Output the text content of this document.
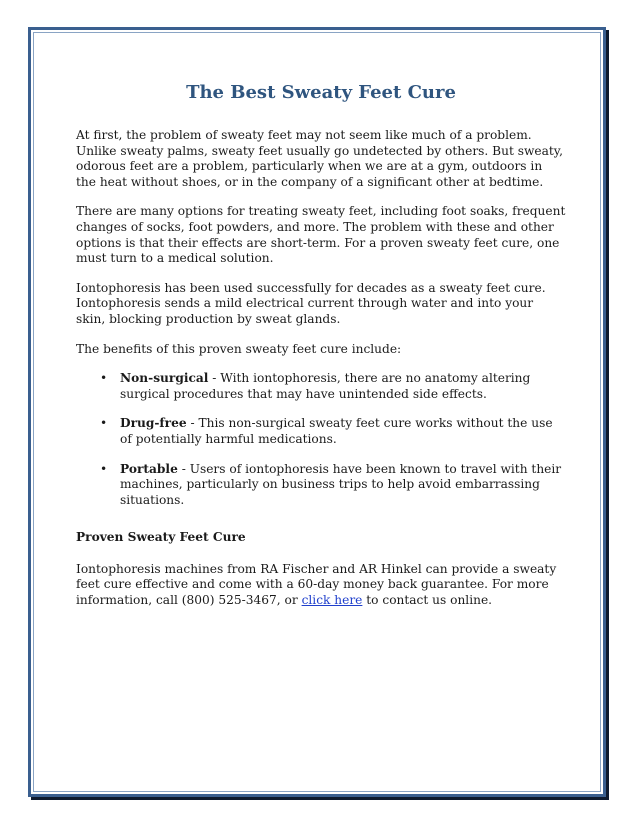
The Best Sweaty Feet Cure

At first, the problem of sweaty feet may not seem like much of a problem. Unlike sweaty palms, sweaty feet usually go undetected by others. But sweaty, odorous feet are a problem, particularly when we are at a gym, outdoors in the heat without shoes, or in the company of a significant other at bedtime.

There are many options for treating sweaty feet, including foot soaks, frequent changes of socks, foot powders, and more. The problem with these and other options is that their effects are short-term. For a proven sweaty feet cure, one must turn to a medical solution.

Iontophoresis has been used successfully for decades as a sweaty feet cure. Iontophoresis sends a mild electrical current through water and into your skin, blocking production by sweat glands.

The benefits of this proven sweaty feet cure include:

• Non-surgical - With iontophoresis, there are no anatomy altering surgical procedures that may have unintended side effects.
• Drug-free - This non-surgical sweaty feet cure works without the use of potentially harmful medications.
• Portable - Users of iontophoresis have been known to travel with their machines, particularly on business trips to help avoid embarrassing situations.

Proven Sweaty Feet Cure

Iontophoresis machines from RA Fischer and AR Hinkel can provide a sweaty feet cure effective and come with a 60-day money back guarantee. For more information, call (800) 525-3467, or click here to contact us online.
